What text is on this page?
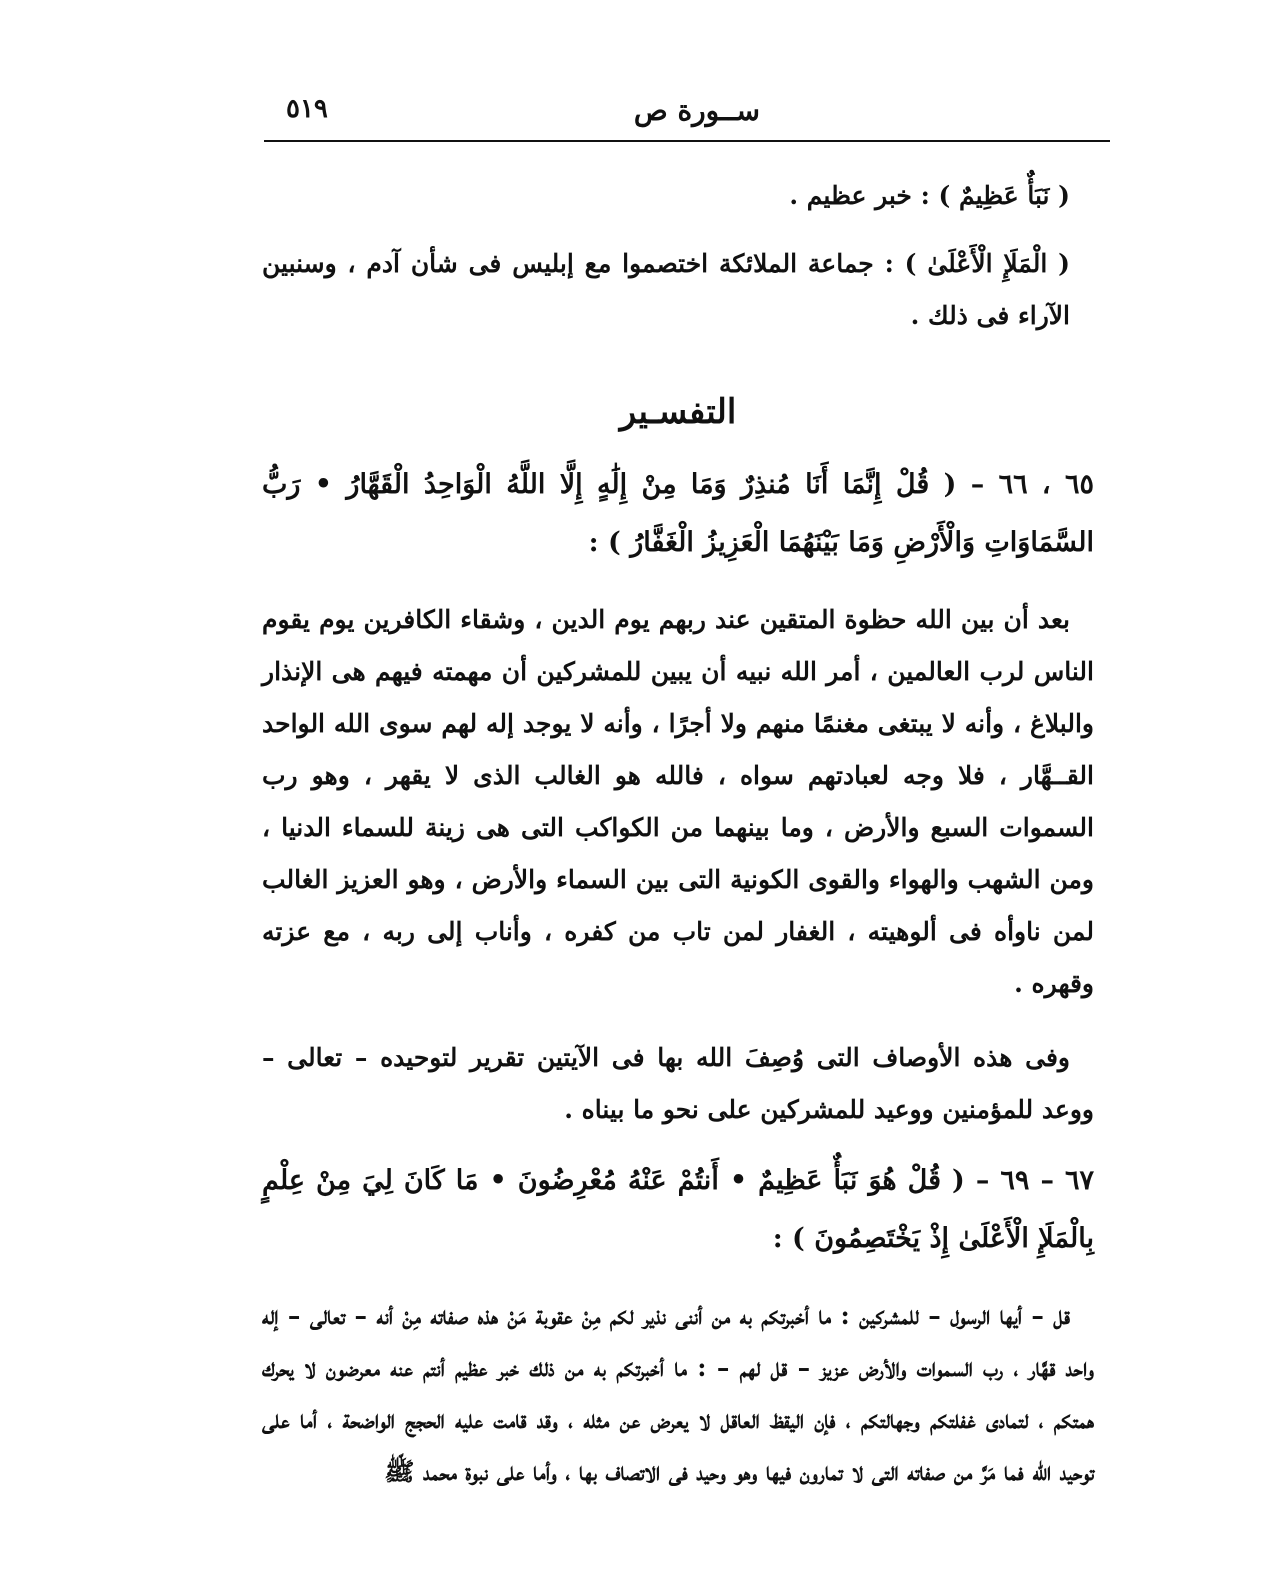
ســورة ص
٥١٩

( نَبَأٌ عَظِيمٌ ) : خبر عظيم .

( الْمَلَإِ الْأَعْلَىٰ ) : جماعة الملائكة اختصموا مع إبليس فى شأن آدم ، وسنبين الآراء فى ذلك .

التفسـير

٦٥ ، ٦٦ – ( قُلْ إِنَّمَا أَنَا مُنذِرٌ وَمَا مِنْ إِلَٰهٍ إِلَّا اللَّهُ الْوَاحِدُ الْقَهَّارُ • رَبُّ السَّمَاوَاتِ وَالْأَرْضِ وَمَا بَيْنَهُمَا الْعَزِيزُ الْغَفَّارُ ) :

بعد أن بين الله حظوة المتقين عند ربهم يوم الدين ، وشقاء الكافرين يوم يقوم الناس لرب العالمين ، أمر الله نبيه أن يبين للمشركين أن مهمته فيهم هى الإنذار والبلاغ ، وأنه لا يبتغى مغنمًا منهم ولا أجرًا ، وأنه لا يوجد إله لهم سوى الله الواحد القــهَّار ، فلا وجه لعبادتهم سواه ، فالله هو الغالب الذى لا يقهر ، وهو رب السموات السبع والأرض ، وما بينهما من الكواكب التى هى زينة للسماء الدنيا ، ومن الشهب والهواء والقوى الكونية التى بين السماء والأرض ، وهو العزيز الغالب لمن ناوأه فى ألوهيته ، الغفار لمن تاب من كفره ، وأناب إلى ربه ، مع عزته وقهره .

وفى هذه الأوصاف التى وُصِفَ الله بها فى الآيتين تقرير لتوحيده – تعالى – ووعد للمؤمنين ووعيد للمشركين على نحو ما بيناه .

٦٧ – ٦٩ – ( قُلْ هُوَ نَبَأٌ عَظِيمٌ • أَنتُمْ عَنْهُ مُعْرِضُونَ • مَا كَانَ لِيَ مِنْ عِلْمٍ بِالْمَلَإِ الْأَعْلَىٰ إِذْ يَخْتَصِمُونَ ) :

قل – أيها الرسول – للمشركين : ما أخبرتكم به من أننى نذير لكم مِنْ عقوبة مَنْ هذه صفاته مِنْ أنه – تعالى – إله واحد قهَّار ، رب السموات والأرض عزيز – قل لهم – : ما أخبرتكم به من ذلك خبر عظيم أنتم عنه معرضون لا يحرك همتكم ، لتمادى غفلتكم وجهالتكم ، فإن اليقظ العاقل لا يعرض عن مثله ، وقد قامت عليه الحجج الواضحة ، أما على توحيد الله فما مَرَّ من صفاته التى لا تمارون فيها وهو وحيد فى الاتصاف بها ، وأما على نبوة محمد ﷺ
